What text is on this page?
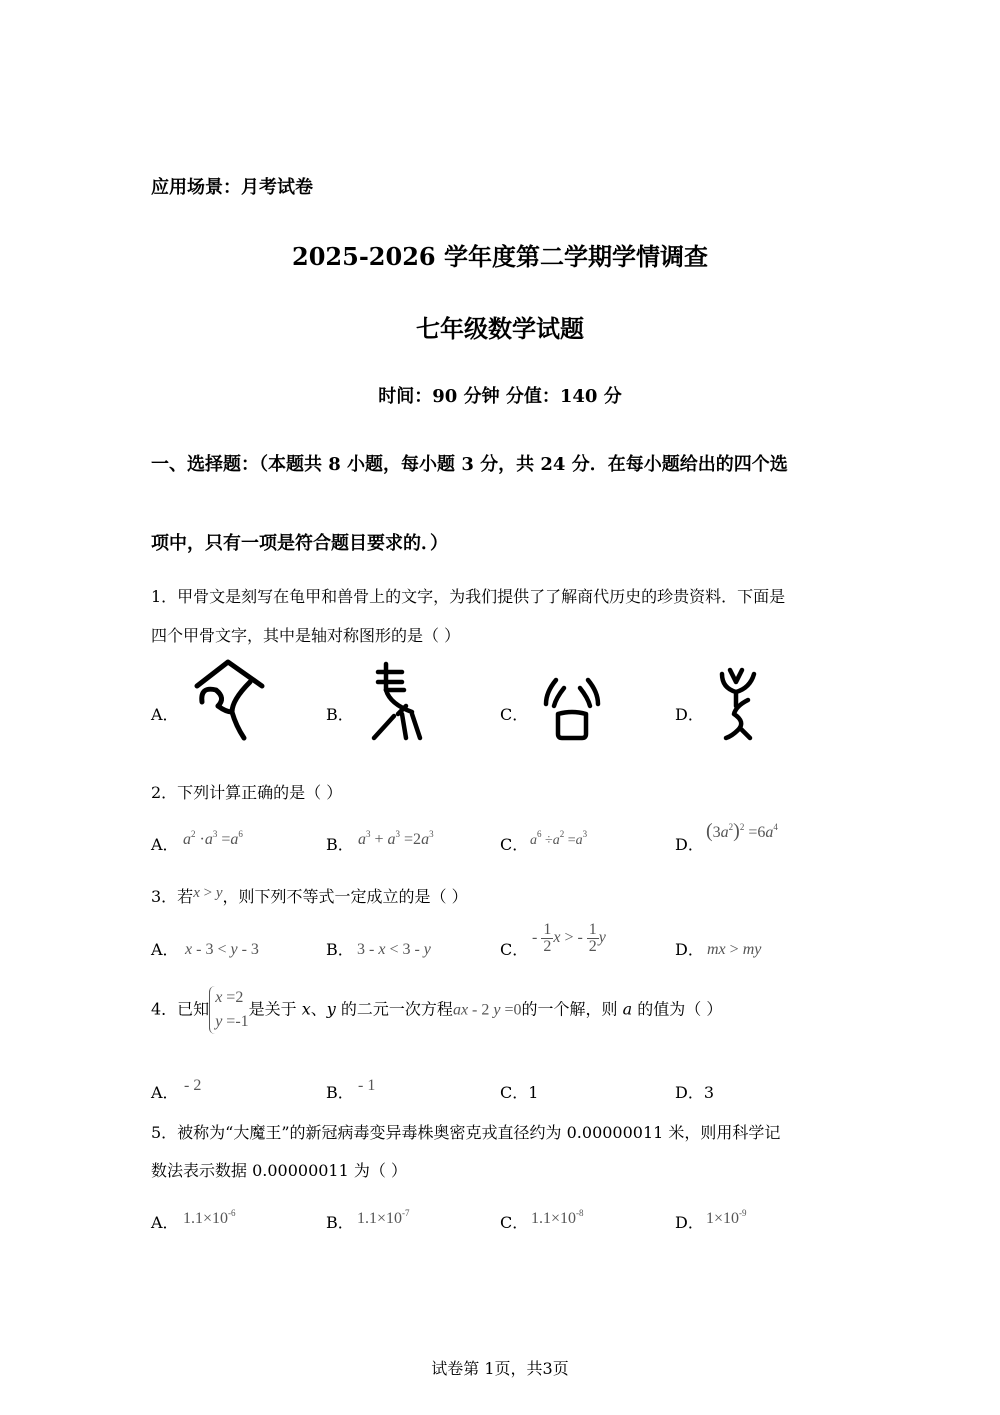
应用场景：月考试卷
2025-2026 学年度第二学期学情调查
七年级数学试题
时间：90 分钟 分值：140 分
一、选择题：（本题共 8 小题，每小题 3 分，共 24 分．在每小题给出的四个选
项中，只有一项是符合题目要求的．）
1．甲骨文是刻写在龟甲和兽骨上的文字，为我们提供了了解商代历史的珍贵资料．下面是
四个甲骨文字，其中是轴对称图形的是（ ）
A．	B．	C．	D．
2．下列计算正确的是（ ）
A． $a^2 \cdot a^3 =a^6$
B． $a^3 + a^3 =2a^3$
C． $a^6 \div a^2 =a^3$
D．
$(3a^2)^2 =6a^4$
3．若x > y，则下列不等式一定成立的是（ ）
A． x - 3 < y - 3	B． 3 - x < 3 - y	C．
- $\frac{1}{2}$ x > - $\frac{1}{2}$ y
D． mx > my
4．已知
x =2
y =-1
是关于 x、y 的二元一次方程ax - 2 y =0的一个解，则 a 的值为（ ）
A． - 2	B． - 1	C．1	D．3
5．被称为“大魔王”的新冠病毒变异毒株奥密克戎直径约为 0.00000011 米，则用科学记
数法表示数据 0.00000011 为（ ）
A． $1.1\times 10^{-6}$	B． $1.1\times 10^{-7}$	C． $1.1\times 10^{-8}$	D． $1\times 10^{-9}$
试卷第 1页，共3页
